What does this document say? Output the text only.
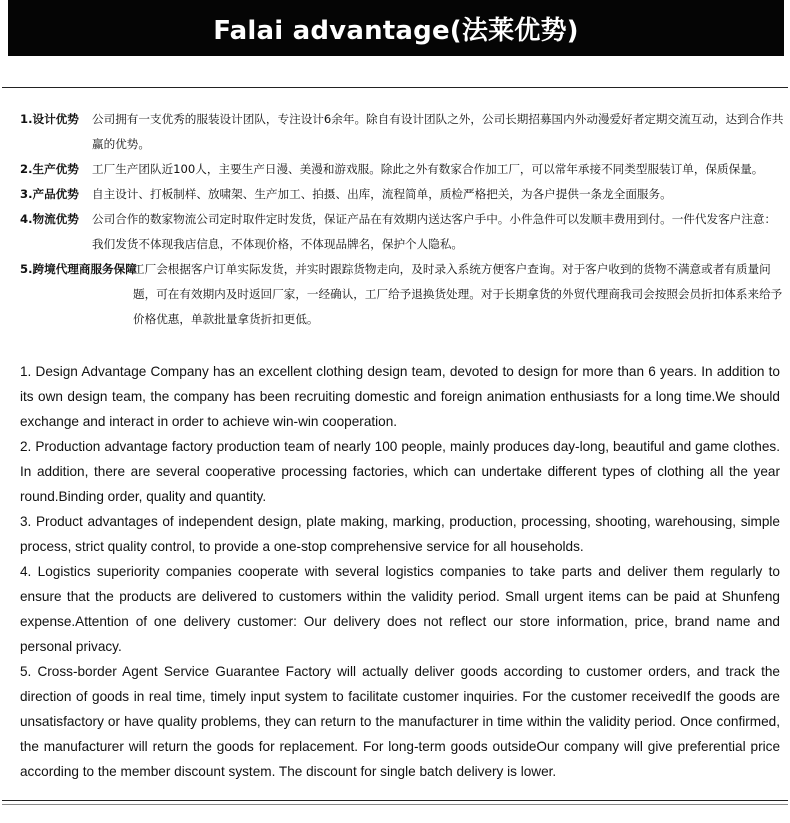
Falai advantage(法莱优势)
1.设计优势 公司拥有一支优秀的服装设计团队，专注设计6余年。除自有设计团队之外，公司长期招募国内外动漫爱好者定期交流互动，达到合作共赢的优势。
2.生产优势 工厂生产团队近100人，主要生产日漫、美漫和游戏服。除此之外有数家合作加工厂，可以常年承接不同类型服装订单，保质保量。
3.产品优势 自主设计、打板制样、放啸架、生产加工、拍摄、出库，流程简单，质检严格把关，为各户提供一条龙全面服务。
4.物流优势 公司合作的数家物流公司定时取件定时发货，保证产品在有效期内送达客户手中。小件急件可以发顺丰费用到付。一件代发客户注意：我们发货不体现我店信息，不体现价格，不体现品牌名，保护个人隐私。
5.跨境代理商服务保障
工厂会根据客户订单实际发货，并实时跟踪货物走向，及时录入系统方便客户查询。对于客户收到的货物不满意或者有质量问题，可在有效期内及时返回厂家，一经确认，工厂给予退换货处理。对于长期拿货的外贸代理商我司会按照会员折扣体系来给予价格优惠，单款批量拿货折扣更低。

1. Design Advantage Company has an excellent clothing design team, devoted to design for more than 6 years. In addition to its own design team, the company has been recruiting domestic and foreign animation enthusiasts for a long time.We should exchange and interact in order to achieve win-win cooperation.

2. Production advantage factory production team of nearly 100 people, mainly produces day-long, beautiful and game clothes. In addition, there are several cooperative processing factories, which can undertake different types of clothing all the year round.Binding order, quality and quantity.

3. Product advantages of independent design, plate making, marking, production, processing, shooting, warehousing, simple process, strict quality control, to provide a one-stop comprehensive service for all households.

4. Logistics superiority companies cooperate with several logistics companies to take parts and deliver them regularly to ensure that the products are delivered to customers within the validity period. Small urgent items can be paid at Shunfeng expense.Attention of one delivery customer: Our delivery does not reflect our store information, price, brand name and personal privacy.

5. Cross-border Agent Service Guarantee Factory will actually deliver goods according to customer orders, and track the direction of goods in real time, timely input system to facilitate customer inquiries. For the customer receivedIf the goods are unsatisfactory or have quality problems, they can return to the manufacturer in time within the validity period. Once confirmed, the manufacturer will return the goods for replacement. For long-term goods outsideOur company will give preferential price according to the member discount system. The discount for single batch delivery is lower.
